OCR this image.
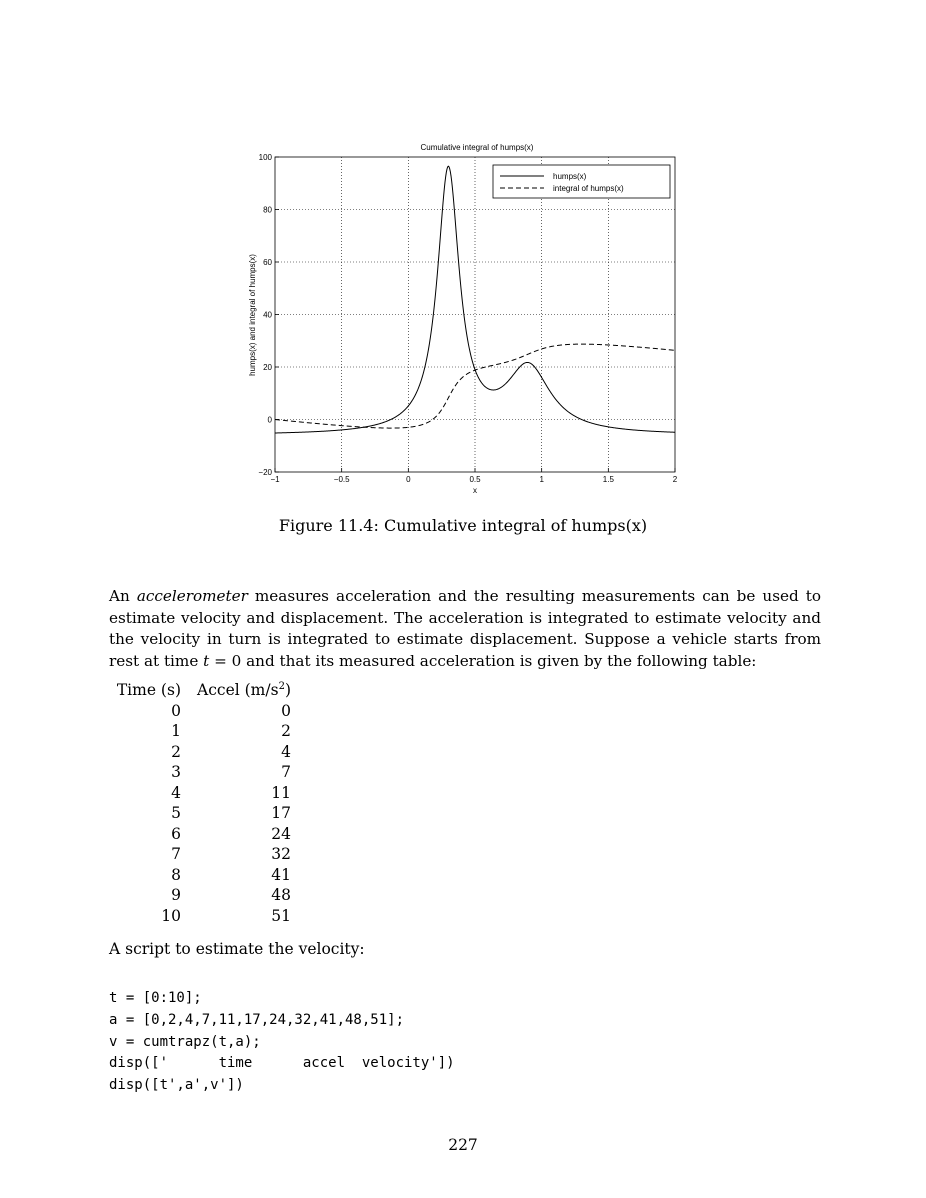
Cumulative integral of humps(x)
−1	−0.5	0	0.5	1	1.5	2
−20
0
20
40
60
80
100
humps(x)
integral of humps(x)
x
humps(x) and integral of humps(x)
Figure 11.4: Cumulative integral of humps(x)
An accelerometer measures acceleration and the resulting measurements can be used to estimate velocity and displacement. The acceleration is integrated to estimate velocity and the velocity in turn is integrated to estimate displacement. Suppose a vehicle starts from rest at time t = 0 and that its measured acceleration is given by the following table:
Time (s)	Accel $(m/s^2)$
0	0
1	2
2	4
3	7
4	11
5	17
6	24
7	32
8	41
9	48
10	51
A script to estimate the velocity:
t = [0:10];
a = [0,2,4,7,11,17,24,32,41,48,51];
v = cumtrapz(t,a);
disp(['      time      accel  velocity'])
disp([t',a',v'])
227
